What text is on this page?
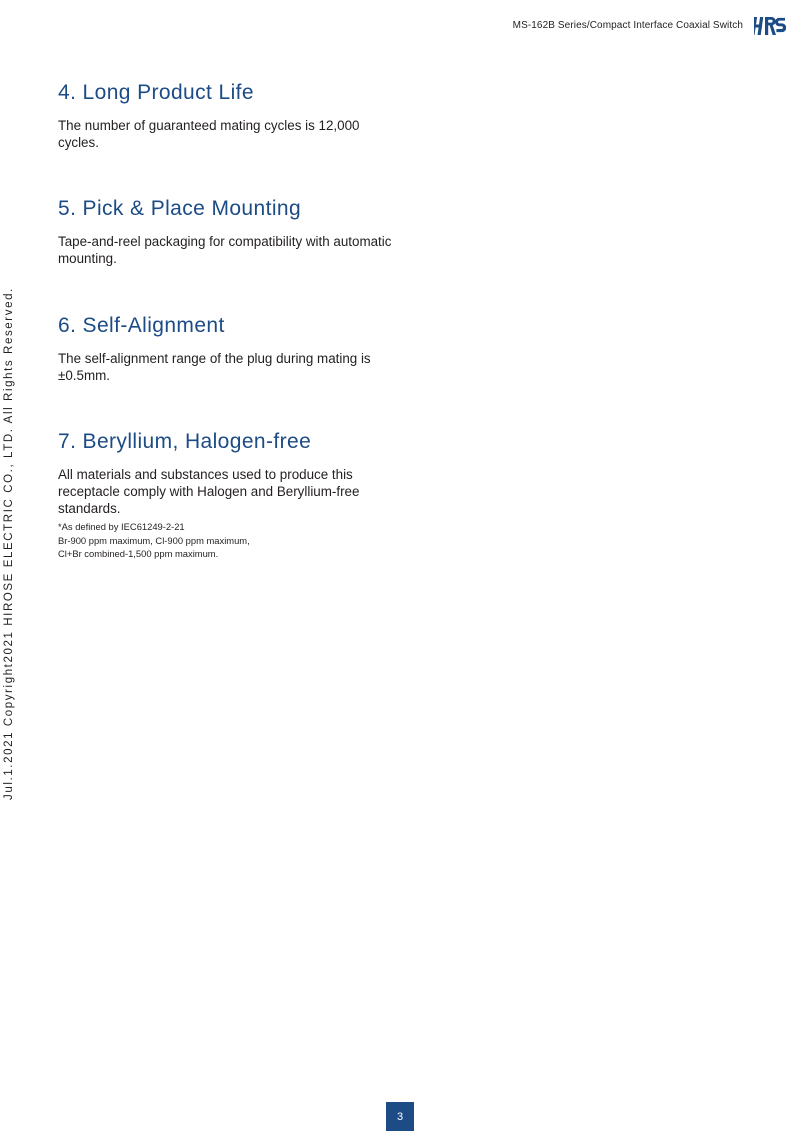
MS-162B Series/Compact Interface Coaxial Switch
Jul.1.2021 Copyright2021 HIROSE ELECTRIC CO., LTD. All Rights Reserved.
4. Long Product Life

The number of guaranteed mating cycles is 12,000 cycles.

5. Pick & Place Mounting

Tape-and-reel packaging for compatibility with automatic mounting.

6. Self-Alignment

The self-alignment range of the plug during mating is ±0.5mm.

7. Beryllium, Halogen-free

All materials and substances used to produce this receptacle comply with Halogen and Beryllium-free standards.

*As defined by IEC61249-2-21
Br-900 ppm maximum, Cl-900 ppm maximum,
Cl+Br combined-1,500 ppm maximum.
3
